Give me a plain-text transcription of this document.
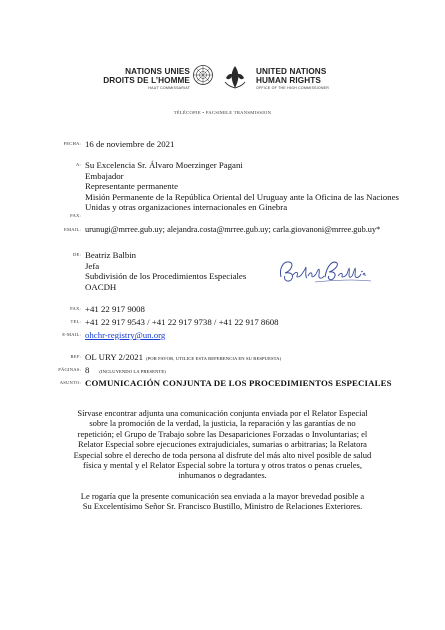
NATIONS UNIES
DROITS DE L’HOMME
HAUT COMMISSARIAT
UNITED NATIONS
HUMAN RIGHTS
OFFICE OF THE HIGH COMMISSIONER
TÉLÉCOPIE • FACSIMILE TRANSMISSION
FECHA: 16 de noviembre de 2021
A: Su Excelencia Sr. Álvaro Moerzinger Pagani
Embajador
Representante permanente
Misión Permanente de la República Oriental del Uruguay ante la Oficina de las Naciones
Unidas y otras organizaciones internacionales en Ginebra
FAX:
EMAIL: urunugi@mrree.gub.uy; alejandra.costa@mrree.gub.uy; carla.giovanoni@mrree.gub.uy*
DE: Beatriz Balbin
Jefa
Subdivisión de los Procedimientos Especiales
OACDH
FAX: +41 22 917 9008
TEL: +41 22 917 9543 / +41 22 917 9738 / +41 22 917 8608
E-MAIL: ohchr-registry@un.org
REF: OL URY 2/2021 (POR FAVOR, UTILICE ESTA REFERENCIA EN SU RESPUESTA)
PÁGINAS: 8 (INCLUYENDO LA PRESENTE)
ASUNTO: COMUNICACIÓN CONJUNTA DE LOS PROCEDIMIENTOS ESPECIALES

Sírvase encontrar adjunta una comunicación conjunta enviada por el Relator Especial

sobre la promoción de la verdad, la justicia, la reparación y las garantías de no

repetición; el Grupo de Trabajo sobre las Desapariciones Forzadas o Involuntarias; el

Relator Especial sobre ejecuciones extrajudiciales, sumarias o arbitrarias; la Relatora

Especial sobre el derecho de toda persona al disfrute del más alto nivel posible de salud

física y mental y el Relator Especial sobre la tortura y otros tratos o penas crueles,

inhumanos o degradantes.

Le rogaría que la presente comunicación sea enviada a la mayor brevedad posible a

Su Excelentísimo Señor Sr. Francisco Bustillo, Ministro de Relaciones Exteriores.
